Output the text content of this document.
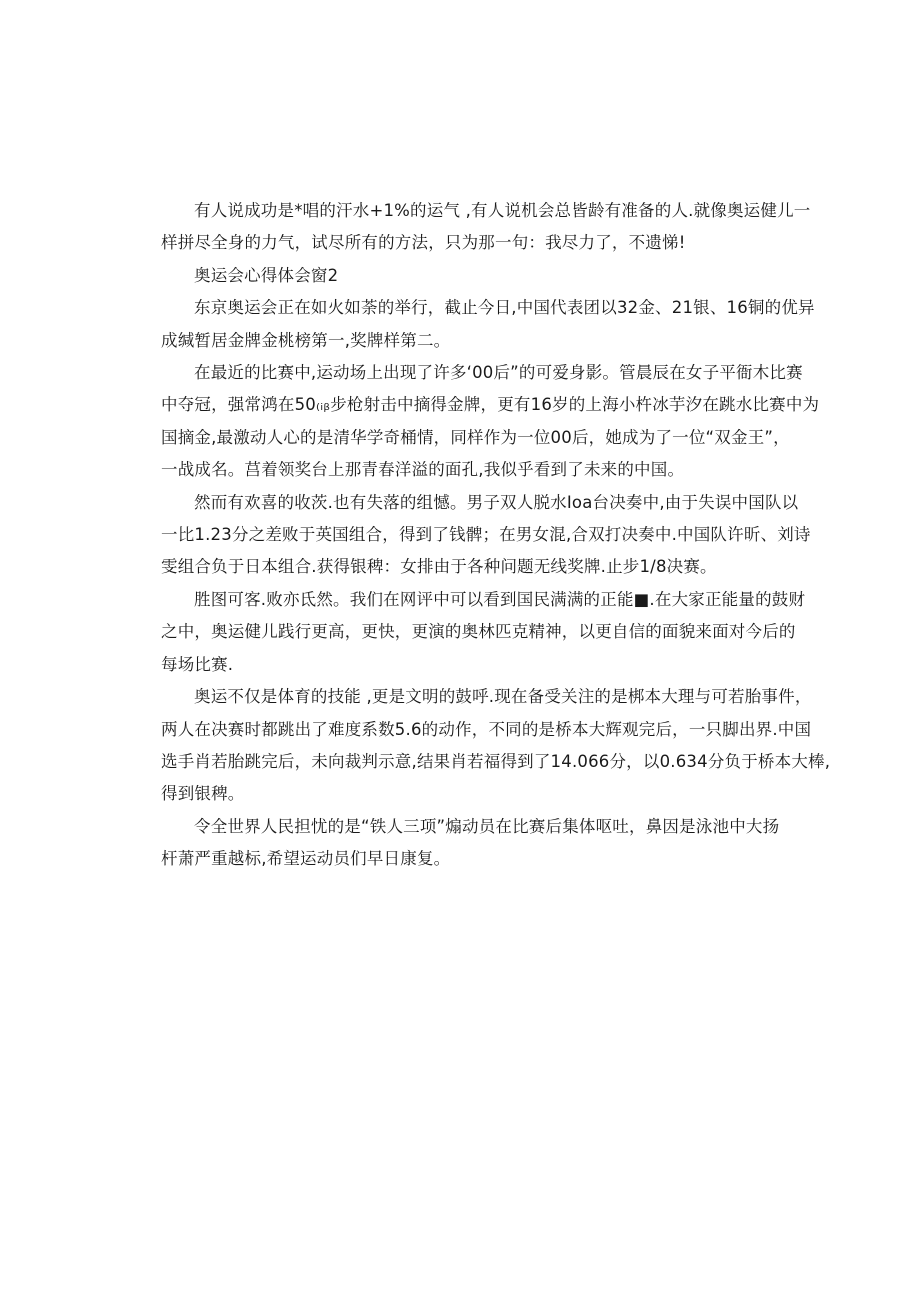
有人说成功是*唱的汗水+1%的运气 ,有人说机会总皆龄有准备的人.就像奥运健儿一
样拼尽全身的力气，试尽所有的方法，只为那一句：我尽力了，不遗悌!

奥运会心得体会窗2

东京奥运会正在如火如荼的举行，截止今日,中国代表团以32金、21银、16铜的优异
成缄暂居金牌金桃榜第一,奖牌样第二。

在最近的比赛中,运动场上出现了许多‘00后”的可爱身影。管晨辰在女子平衙木比赛
中夺冠，强常鸿在50₍ᵢᵦ步枪射击中摘得金牌，更有16岁的上海小杵冰芋汐在跳水比赛中为
国摘金,最激动人心的是清华学奇桶情，同样作为一位00后，她成为了一位“双金王”，
一战成名。莒着领奖台上那青春洋溢的面孔,我似乎看到了未来的中国。

然而有欢喜的收茨.也有失落的组憾。男子双人脱水Ioa台决奏中,由于失误中国队以
一比1.23分之差败于英国组合，得到了钱髀；在男女混,合双打决奏中.中国队许昕、刘诗
雯组合负于日本组合.获得银稗：女排由于各种问题无线奖牌.止步1/8决赛。

胜图可客.败亦氐然。我们在网评中可以看到国民满满的正能■.在大家正能量的鼓财
之中，奥运健儿践行更高，更快，更演的奥林匹克精神，以更自信的面貌来面对今后的
每场比赛.

奥运不仅是体育的技能 ,更是文明的鼓呼.现在备受关注的是梆本大理与可若胎事件，
两人在决赛时都跳出了难度系数5.6的动作，不同的是桥本大辉观完后，一只脚出界.中国
选手肖若胎跳完后，未向裁判示意,结果肖若福得到了14.066分，以0.634分负于桥本大棒,
得到银稗。

令全世界人民担忧的是“铁人三项”煽动员在比赛后集体呕吐，鼻因是泳池中大扬
杆萧严重越标,希望运动员们早日康复。
